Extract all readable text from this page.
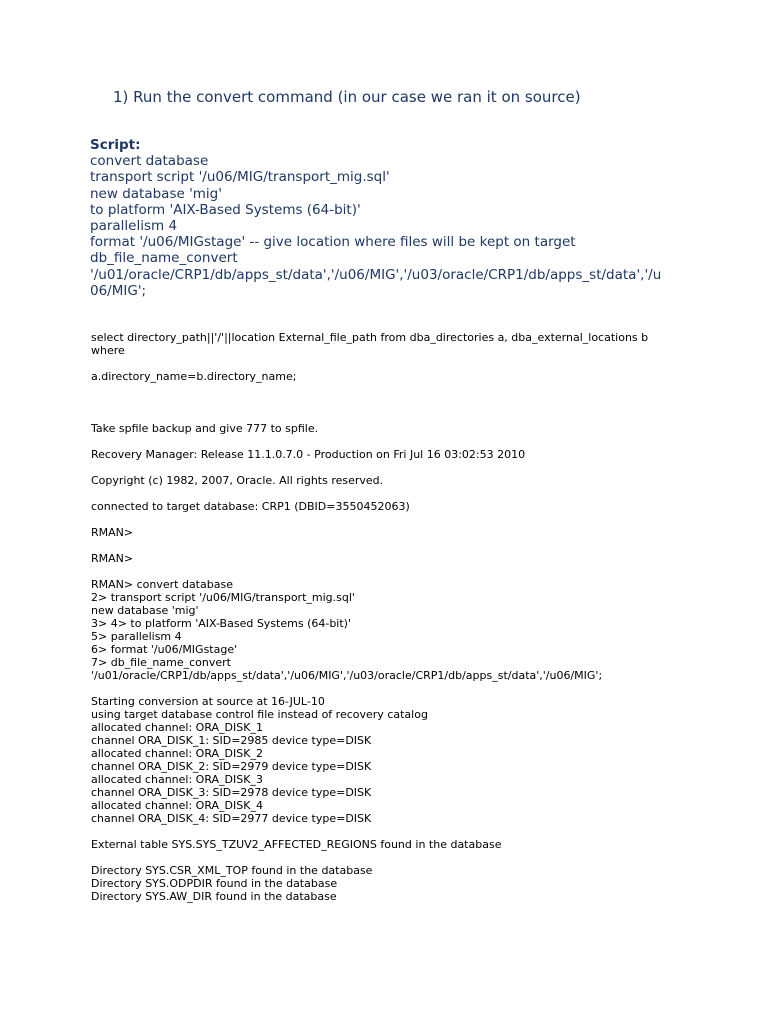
1) Run the convert command (in our case we ran it on source)
Script:
convert database
transport script '/u06/MIG/transport_mig.sql'
new database 'mig'
to platform 'AIX-Based Systems (64-bit)'
parallelism 4
format '/u06/MIGstage' -- give location where files will be kept on target
db_file_name_convert
'/u01/oracle/CRP1/db/apps_st/data','/u06/MIG','/u03/oracle/CRP1/db/apps_st/data','/u
06/MIG';
select directory_path||'/'||location External_file_path from dba_directories a, dba_external_locations b
where
a.directory_name=b.directory_name;
Take spfile backup and give 777 to spfile.
Recovery Manager: Release 11.1.0.7.0 - Production on Fri Jul 16 03:02:53 2010
Copyright (c) 1982, 2007, Oracle. All rights reserved.
connected to target database: CRP1 (DBID=3550452063)
RMAN>
RMAN>
RMAN> convert database
2> transport script '/u06/MIG/transport_mig.sql'
new database 'mig'
3> 4> to platform 'AIX-Based Systems (64-bit)'
5> parallelism 4
6> format '/u06/MIGstage'
7> db_file_name_convert
'/u01/oracle/CRP1/db/apps_st/data','/u06/MIG','/u03/oracle/CRP1/db/apps_st/data','/u06/MIG';
Starting conversion at source at 16-JUL-10
using target database control file instead of recovery catalog
allocated channel: ORA_DISK_1
channel ORA_DISK_1: SID=2985 device type=DISK
allocated channel: ORA_DISK_2
channel ORA_DISK_2: SID=2979 device type=DISK
allocated channel: ORA_DISK_3
channel ORA_DISK_3: SID=2978 device type=DISK
allocated channel: ORA_DISK_4
channel ORA_DISK_4: SID=2977 device type=DISK
External table SYS.SYS_TZUV2_AFFECTED_REGIONS found in the database
Directory SYS.CSR_XML_TOP found in the database
Directory SYS.ODPDIR found in the database
Directory SYS.AW_DIR found in the database
